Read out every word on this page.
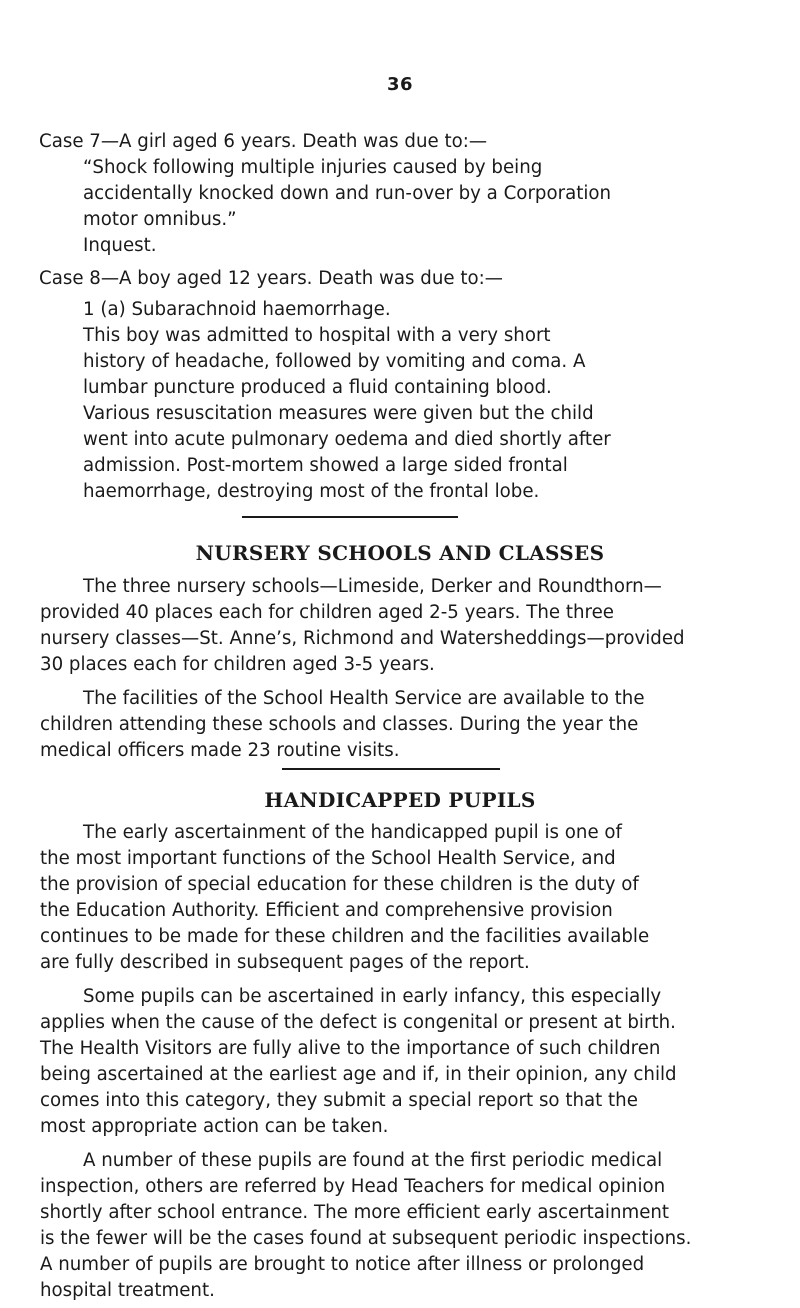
36
Case 7—A girl aged 6 years. Death was due to:—
“Shock following multiple injuries caused by being
accidentally knocked down and run-over by a Corporation
motor omnibus.”
Inquest.
Case 8—A boy aged 12 years. Death was due to:—
1 (a) Subarachnoid haemorrhage.
This boy was admitted to hospital with a very short
history of headache, followed by vomiting and coma. A
lumbar puncture produced a fluid containing blood.
Various resuscitation measures were given but the child
went into acute pulmonary oedema and died shortly after
admission. Post-mortem showed a large sided frontal
haemorrhage, destroying most of the frontal lobe.
NURSERY SCHOOLS AND CLASSES
The three nursery schools—Limeside, Derker and Roundthorn—
provided 40 places each for children aged 2-5 years. The three
nursery classes—St. Anne’s, Richmond and Watersheddings—provided
30 places each for children aged 3-5 years.
The facilities of the School Health Service are available to the
children attending these schools and classes. During the year the
medical officers made 23 routine visits.
HANDICAPPED PUPILS
The early ascertainment of the handicapped pupil is one of
the most important functions of the School Health Service, and
the provision of special education for these children is the duty of
the Education Authority. Efficient and comprehensive provision
continues to be made for these children and the facilities available
are fully described in subsequent pages of the report.
Some pupils can be ascertained in early infancy, this especially
applies when the cause of the defect is congenital or present at birth.
The Health Visitors are fully alive to the importance of such children
being ascertained at the earliest age and if, in their opinion, any child
comes into this category, they submit a special report so that the
most appropriate action can be taken.
A number of these pupils are found at the first periodic medical
inspection, others are referred by Head Teachers for medical opinion
shortly after school entrance. The more efficient early ascertainment
is the fewer will be the cases found at subsequent periodic inspections.
A number of pupils are brought to notice after illness or prolonged
hospital treatment.
